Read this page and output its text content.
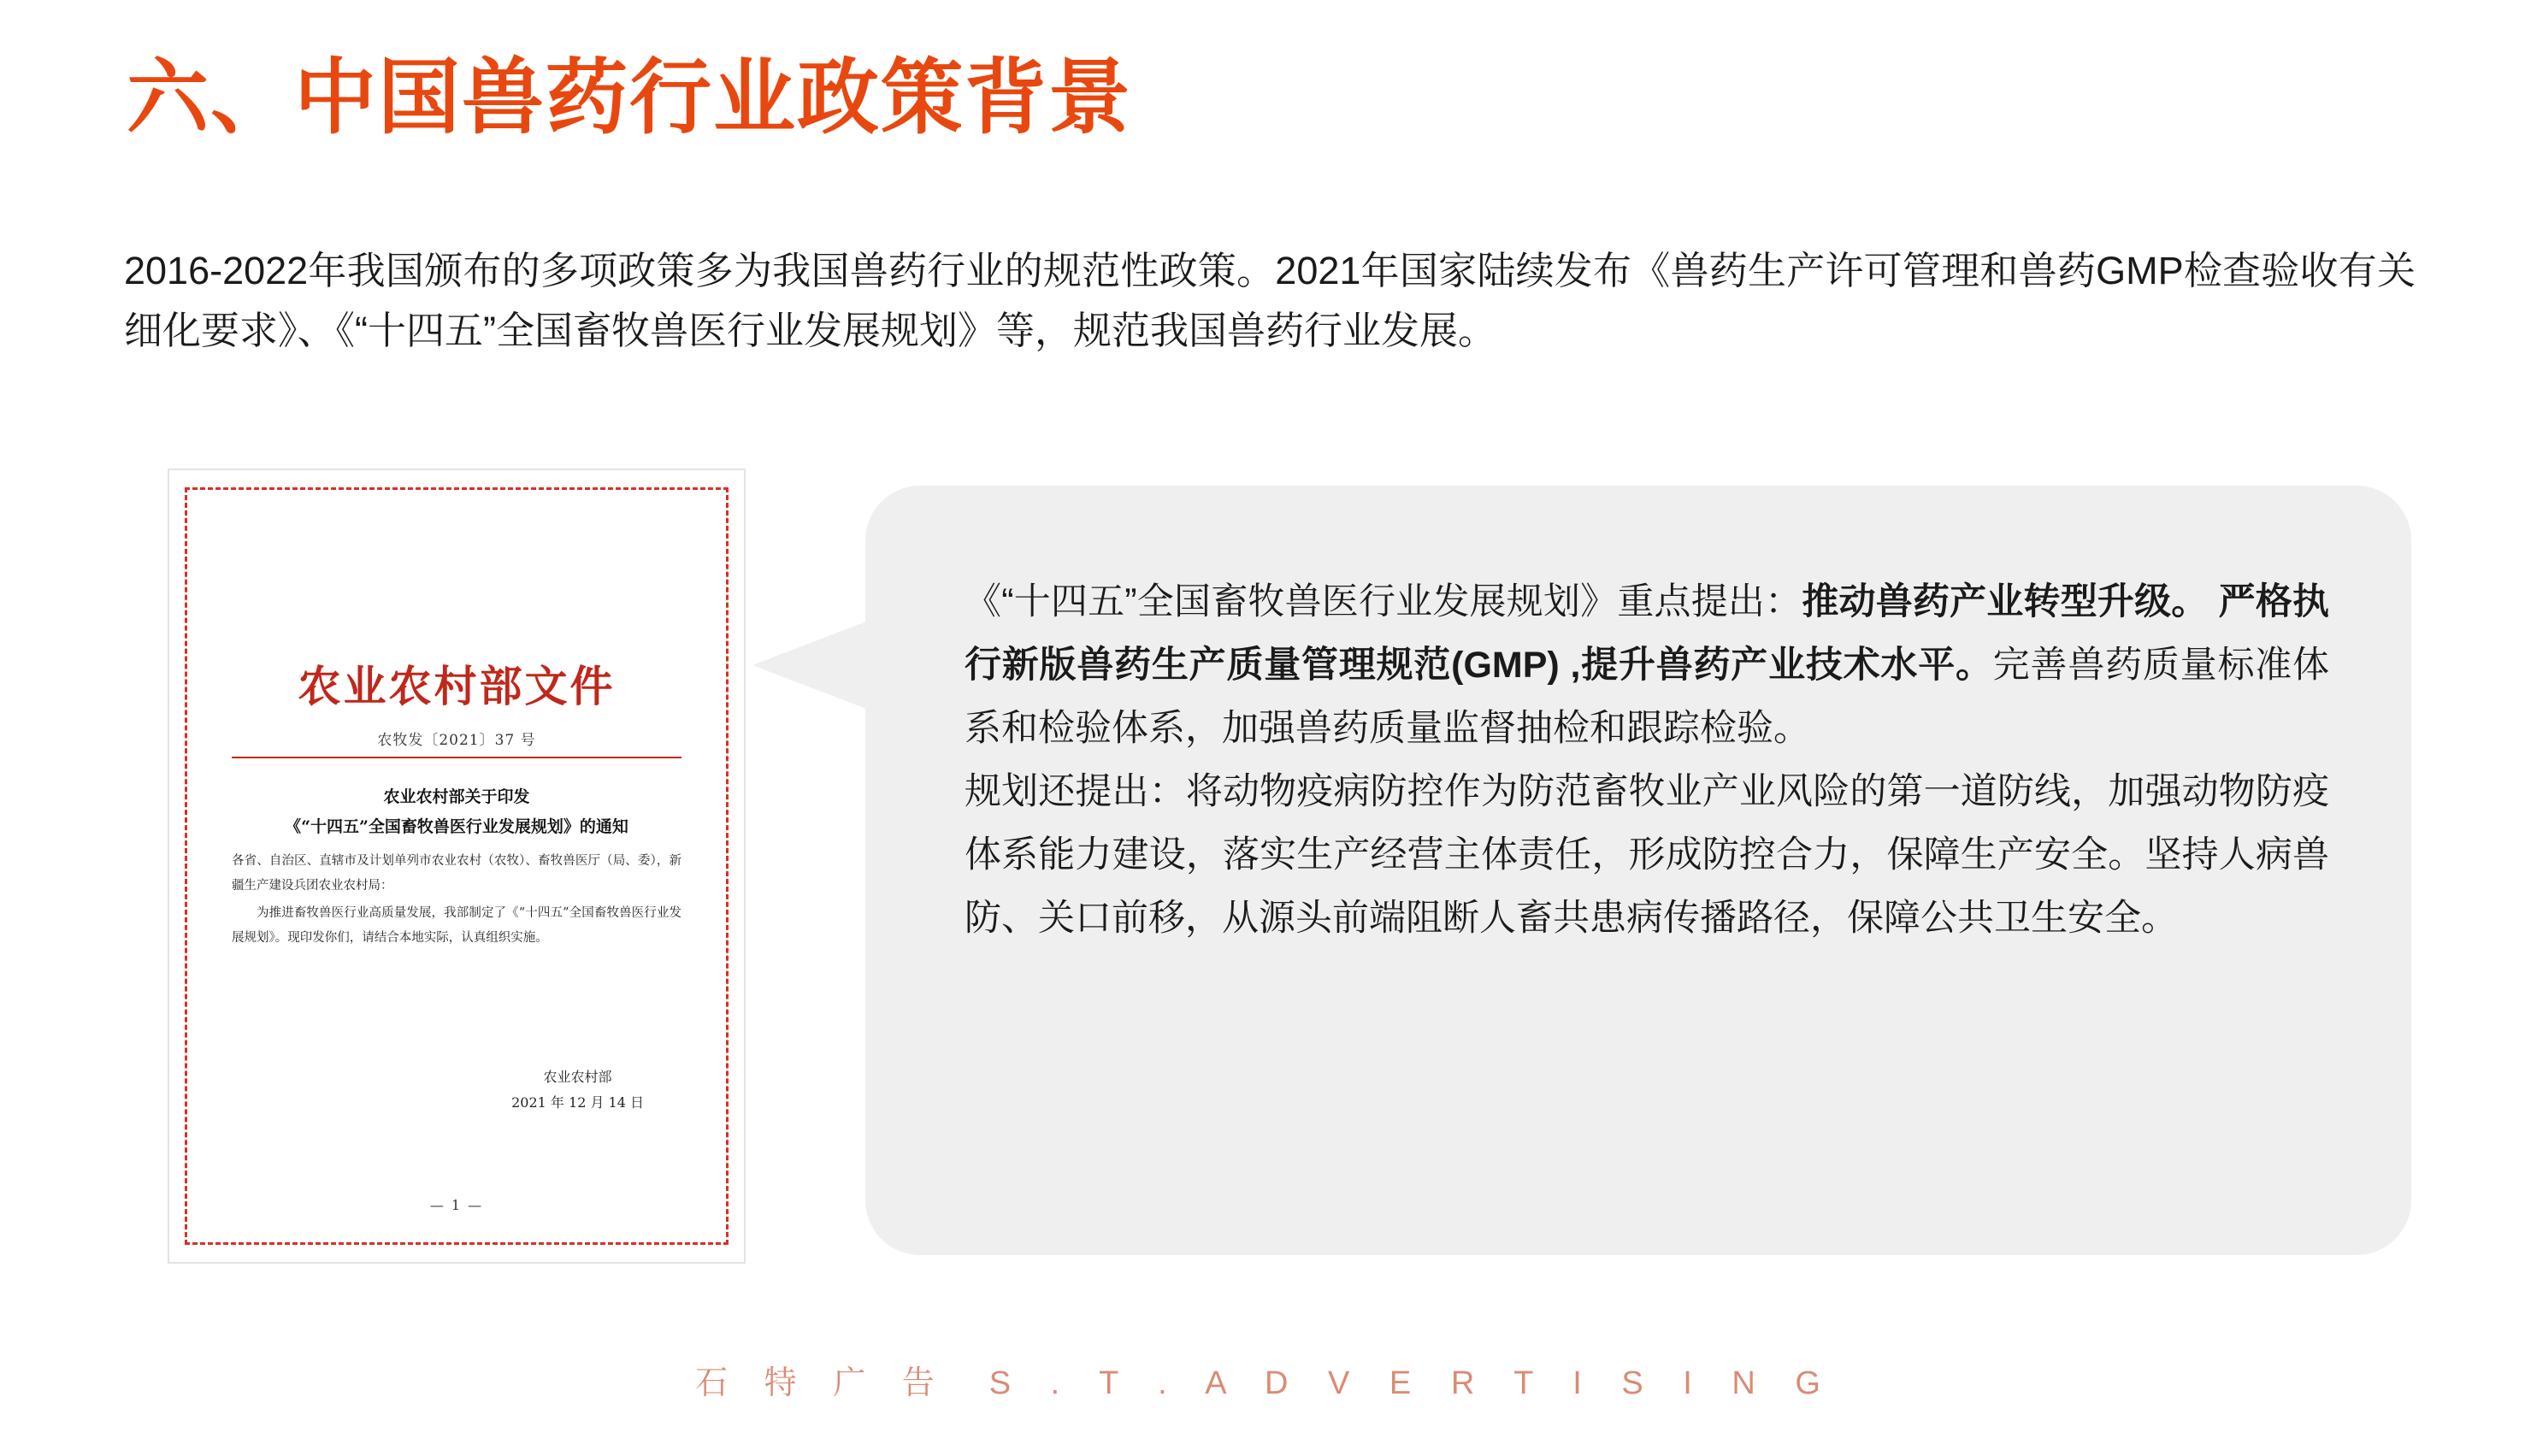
六、中国兽药行业政策背景
2016-2022年我国颁布的多项政策多为我国兽药行业的规范性政策。2021年国家陆续发布《兽药生产许可管理和兽药GMP检查验收有关细化要求》、《“十四五”全国畜牧兽医行业发展规划》等，规范我国兽药行业发展。
农业农村部文件
农牧发〔2021〕37 号
农业农村部关于印发
《“十四五”全国畜牧兽医行业发展规划》的通知

各省、自治区、直辖市及计划单列市农业农村（农牧）、畜牧兽医厅（局、委），新疆生产建设兵团农业农村局：

为推进畜牧兽医行业高质量发展，我部制定了《“十四五”全国畜牧兽医行业发展规划》。现印发你们，请结合本地实际，认真组织实施。

农业农村部
2021 年 12 月 14 日
— 1 —

《“十四五”全国畜牧兽医行业发展规划》重点提出：推动兽药产业转型升级。 严格执行新版兽药生产质量管理规范(GMP) ,提升兽药产业技术水平。完善兽药质量标准体系和检验体系，加强兽药质量监督抽检和跟踪检验。

规划还提出：将动物疫病防控作为防范畜牧业产业风险的第一道防线，加强动物防疫体系能力建设，落实生产经营主体责任，形成防控合力，保障生产安全。坚持人病兽防、关口前移，从源头前端阻断人畜共患病传播路径，保障公共卫生安全。

石 特 广 告 S . T . A D V E R T I S I N G
